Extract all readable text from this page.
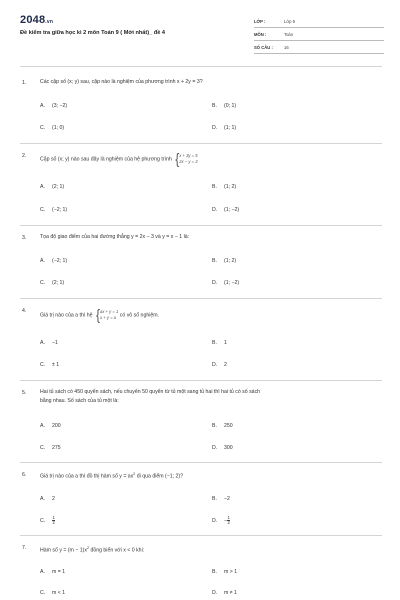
2048.vn
Đề kiểm tra giữa học kì 2 môn Toán 9 ( Mới nhất)_ đề 4
LỚP :	Lớp 9
MÔN :	Toán
SỐ CÂU :	16
1.	Các cặp số (x; y) sau, cặp nào là nghiệm của phương trình x + 2y = 3?
A. (3; −2)	B. (0; 1)
C. (1; 0)	D. (1; 1)
2.
Cặp số (x; y) nào sau đây là nghiệm của hệ phương trình {x + 3y = 5
2x − y = 3
A. (2; 1)	B. (1; 2)
C. (−2; 1)	D. (1; −2)
3.	Tọa độ giao điểm của hai đường thẳng y = 2x − 3 và y = x − 1 là:
A. (−2; 1)	B. (1; 2)
C. (2; 1)	D. (1; −2)
4.
Giá trị nào của a thì hệ {ax + y = 1
x + y = a có vô số nghiệm.
A. −1	B. 1
C. ± 1	D. 2
5.	Hai tủ sách có 450 quyển sách, nếu chuyển 50 quyển từ tủ một sang tủ hai thì hai tủ có số sách
bằng nhau. Số sách của tủ một là:
A. 200	B. 250
C. 275	D. 300
6.	Giá trị nào của a thì đồ thị hàm số $y = ax^2$ đi qua điểm (−1; 2)?
A. 2	B. −2
C. $\frac{1}{2}$	D. − $\frac{1}{2}$
7.	Hàm số $y = (m - 1)x^2$ đồng biến với x < 0 khi:
A. m = 1	B. m > 1
C. m < 1	D. m ≠ 1
